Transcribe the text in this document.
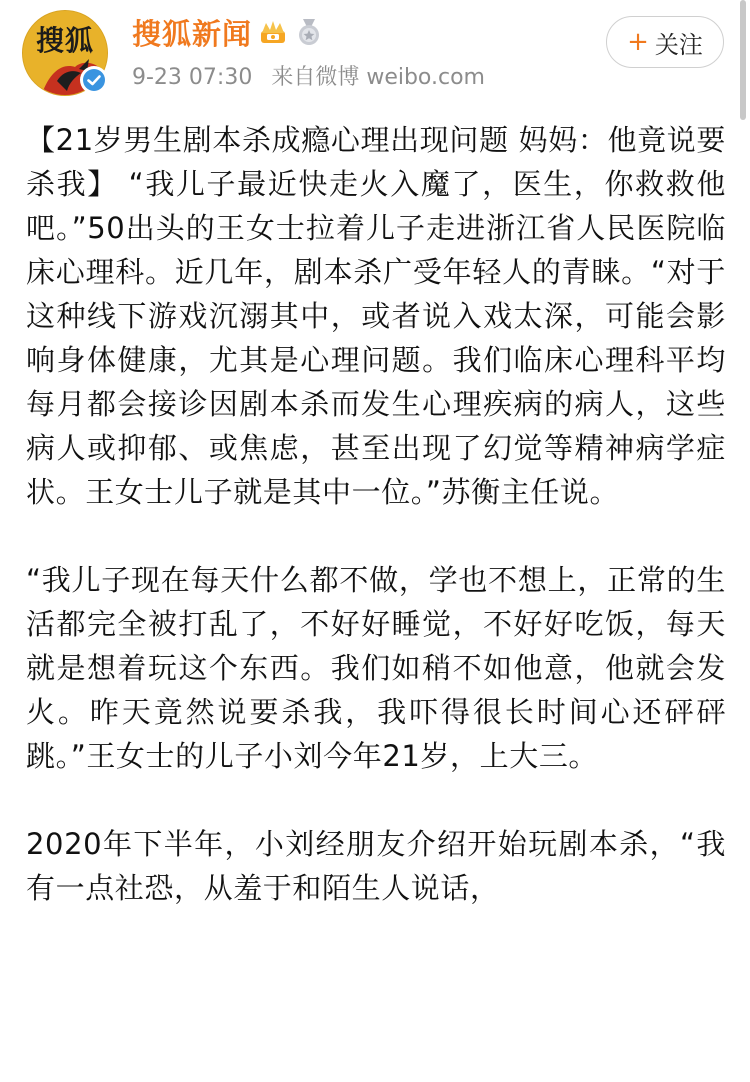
搜狐	搜狐新闻
9-23 07:30 来自微博 weibo.com
+ 关注

【21岁男生剧本杀成瘾心理出现问题 妈妈：他竟说要杀我】 “我儿子最近快走火入魔了，医生，你救救他吧。”50出头的王女士拉着儿子走进浙江省人民医院临床心理科。近几年，剧本杀广受年轻人的青睐。“对于这种线下游戏沉溺其中，或者说入戏太深，可能会影响身体健康，尤其是心理问题。我们临床心理科平均每月都会接诊因剧本杀而发生心理疾病的病人，这些病人或抑郁、或焦虑，甚至出现了幻觉等精神病学症状。王女士儿子就是其中一位。”苏衡主任说。

“我儿子现在每天什么都不做，学也不想上，正常的生活都完全被打乱了，不好好睡觉，不好好吃饭，每天就是想着玩这个东西。我们如稍不如他意，他就会发火。昨天竟然说要杀我，我吓得很长时间心还砰砰跳。”王女士的儿子小刘今年21岁，上大三。

2020年下半年，小刘经朋友介绍开始玩剧本杀，“我有一点社恐，从羞于和陌生人说话，
